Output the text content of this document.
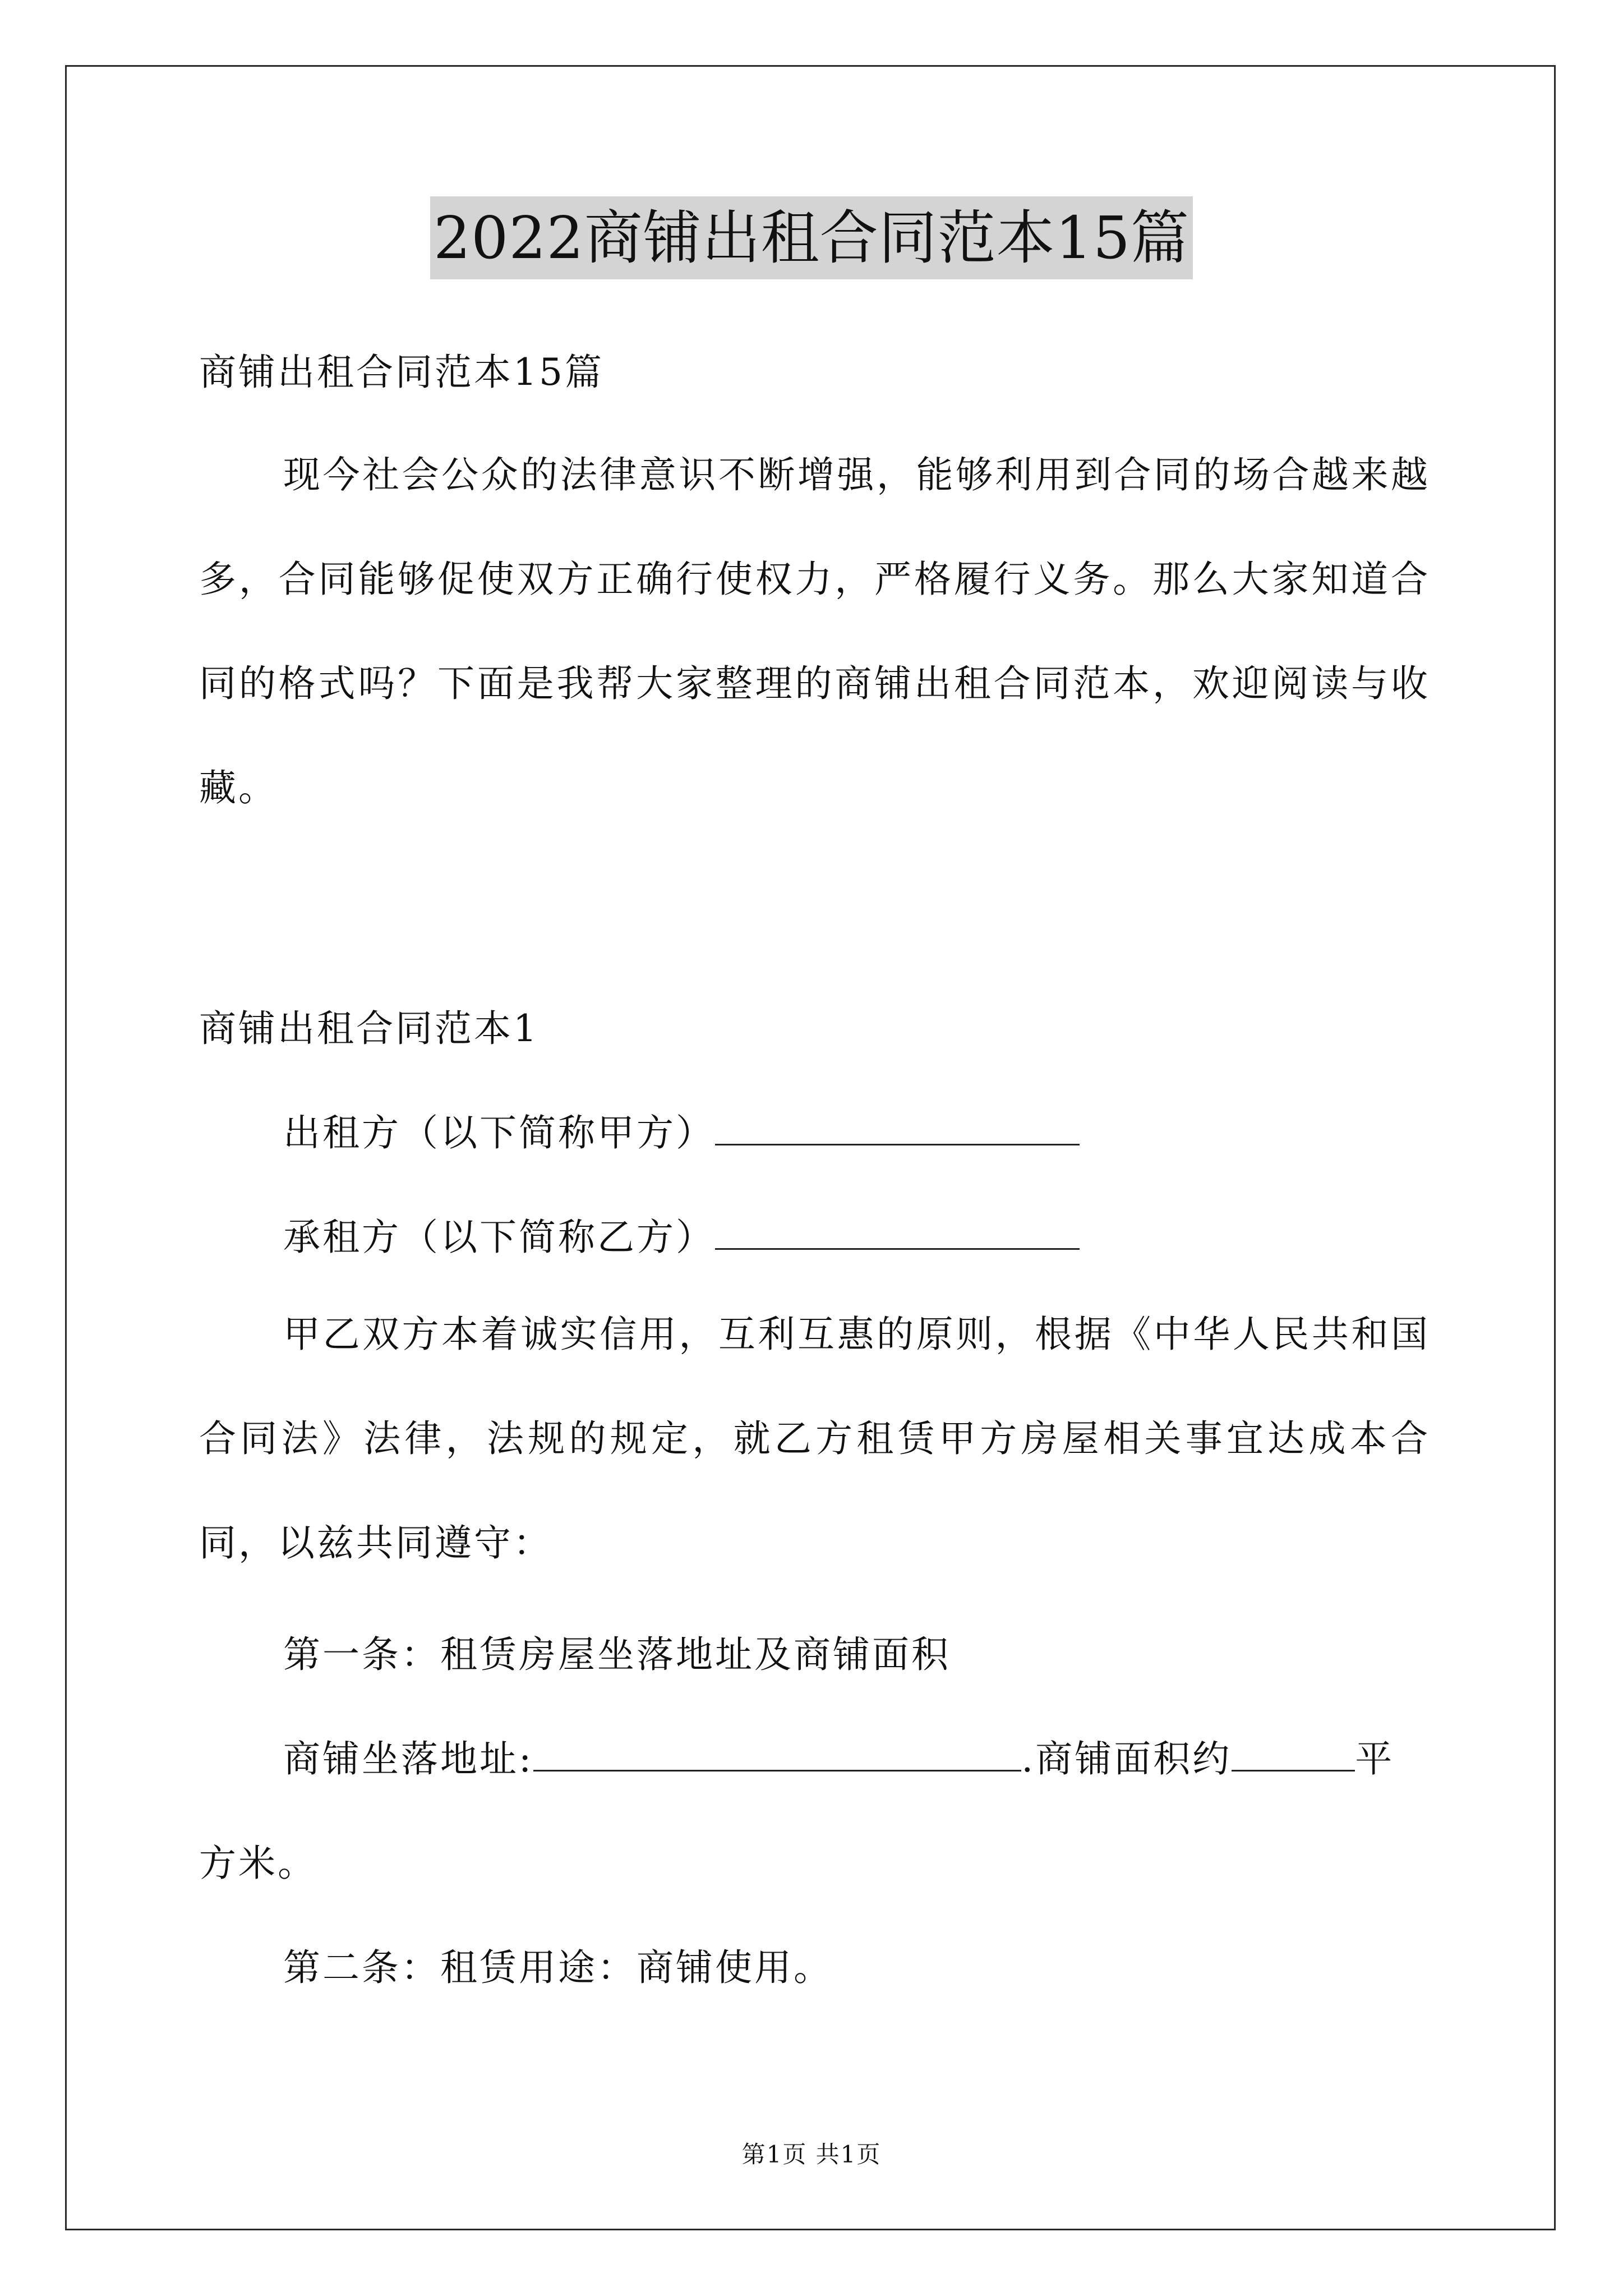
2022商铺出租合同范本15篇
商铺出租合同范本15篇
现今社会公众的法律意识不断增强，能够利用到合同的场合越来越多，合同能够促使双方正确行使权力，严格履行义务。那么大家知道合同的格式吗？下面是我帮大家整理的商铺出租合同范本，欢迎阅读与收藏。
商铺出租合同范本1
出租方（以下简称甲方）
承租方（以下简称乙方）
甲乙双方本着诚实信用，互利互惠的原则，根据《中华人民共和国合同法》法律，法规的规定，就乙方租赁甲方房屋相关事宜达成本合同，以兹共同遵守：
第一条：租赁房屋坐落地址及商铺面积
商铺坐落地址:	.商铺面积约	平
方米。
第二条：租赁用途：商铺使用。
第1页 共1页
